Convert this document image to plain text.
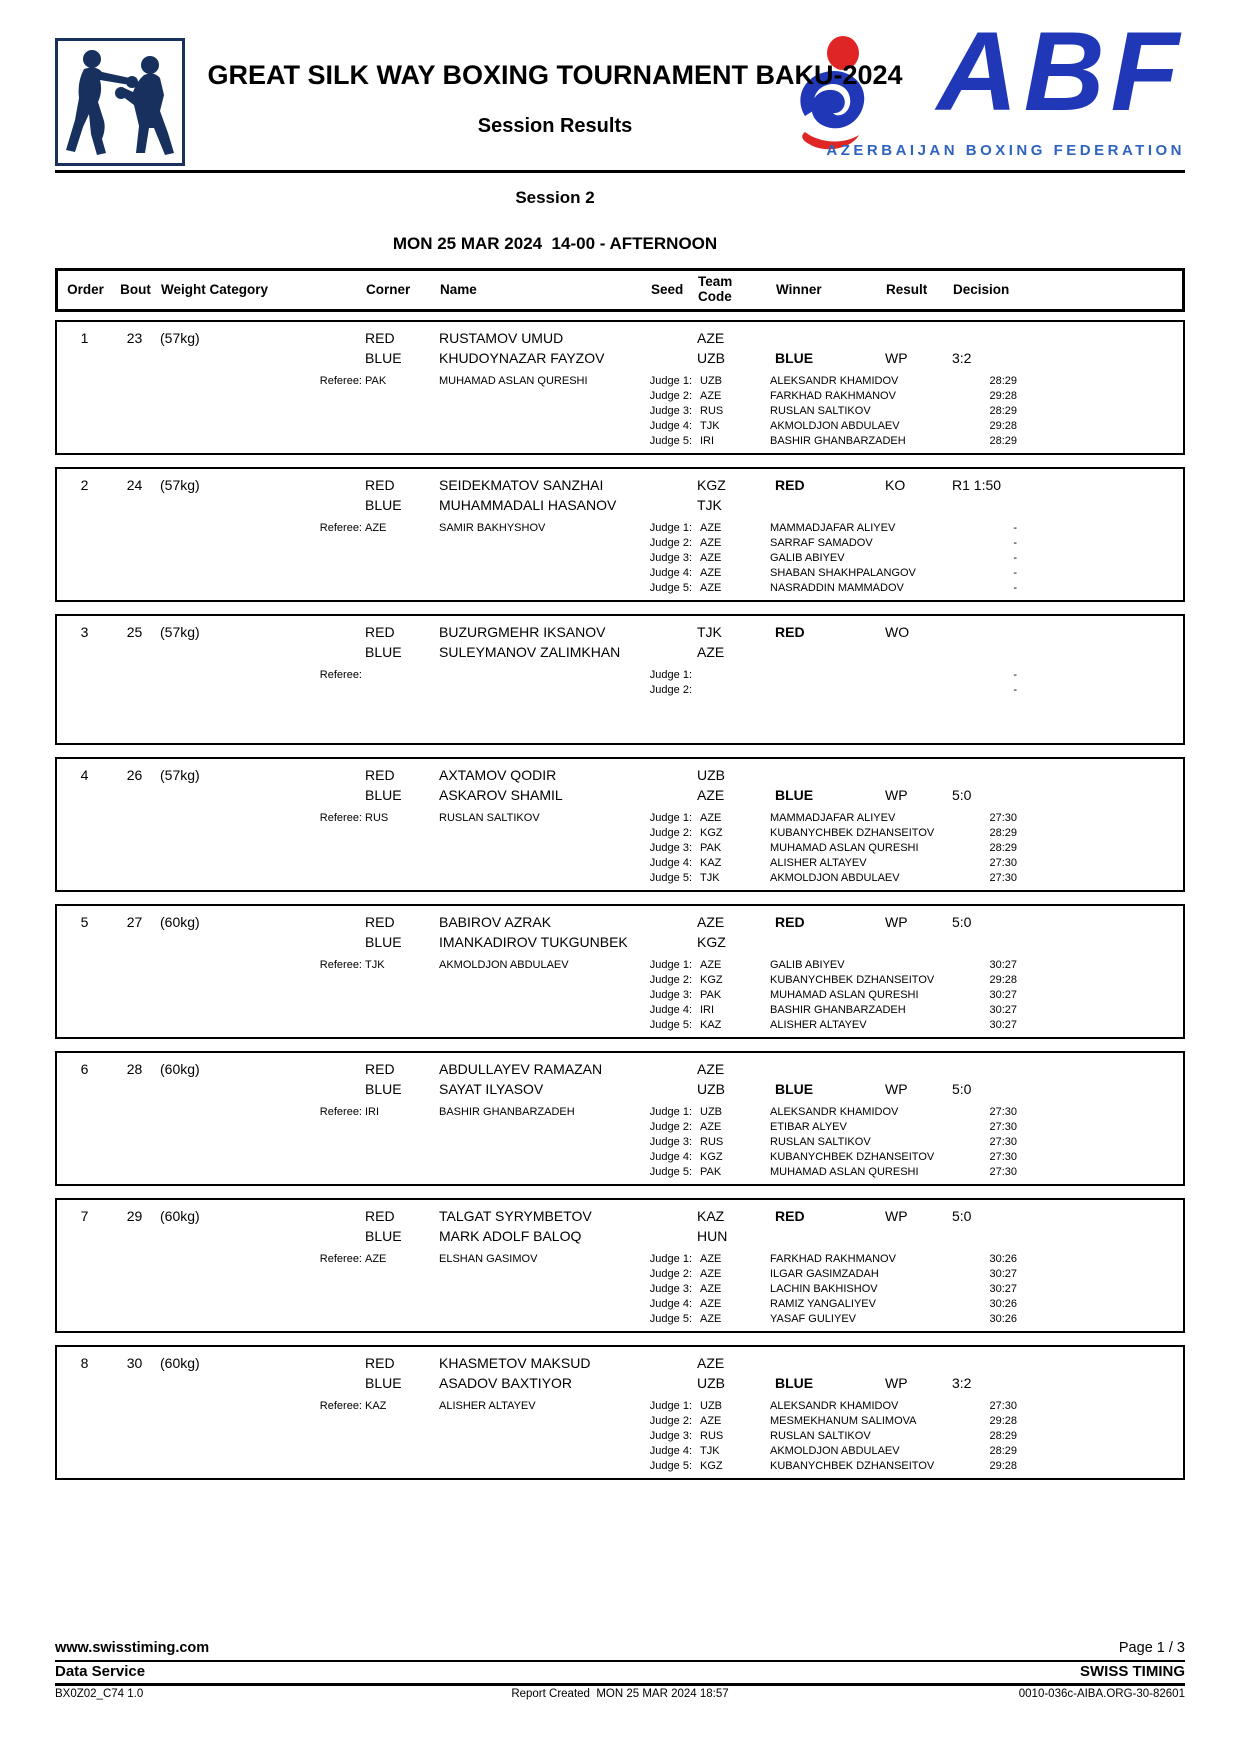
GREAT SILK WAY BOXING TOURNAMENT BAKU-2024
Session Results	ABF
AZERBAIJAN BOXING FEDERATION
Session 2
MON 25 MAR 2024  14-00 - AFTERNOON
Order	Bout Weight Category	Corner	Name	Seed	Team
Code	Winner	Result	Decision
1	23	(57kg)	RED	RUSTAMOV UMUD	AZE
BLUE	KHUDOYNAZAR FAYZOV	UZB	BLUE	WP	3:2
Referee: PAK	MUHAMAD ASLAN QURESHI	Judge 1: UZB	ALEKSANDR KHAMIDOV	28:29
Judge 2: AZE	FARKHAD RAKHMANOV	29:28
Judge 3: RUS	RUSLAN SALTIKOV	28:29
Judge 4: TJK	AKMOLDJON ABDULAEV	29:28
Judge 5: IRI	BASHIR GHANBARZADEH	28:29
2	24	(57kg)	RED	SEIDEKMATOV SANZHAI	KGZ	RED	KO	R1 1:50
BLUE	MUHAMMADALI HASANOV	TJK
Referee: AZE	SAMIR BAKHYSHOV	Judge 1: AZE	MAMMADJAFAR ALIYEV	-
Judge 2: AZE	SARRAF SAMADOV	-
Judge 3: AZE	GALIB ABIYEV	-
Judge 4: AZE	SHABAN SHAKHPALANGOV	-
Judge 5: AZE	NASRADDIN MAMMADOV	-
3	25	(57kg)	RED	BUZURGMEHR IKSANOV	TJK	RED	WO
BLUE	SULEYMANOV ZALIMKHAN	AZE
Referee:	Judge 1:	-
Judge 2:	-
4	26	(57kg)	RED	AXTAMOV QODIR	UZB
BLUE	ASKAROV SHAMIL	AZE	BLUE	WP	5:0
Referee: RUS	RUSLAN SALTIKOV	Judge 1: AZE	MAMMADJAFAR ALIYEV	27:30
Judge 2: KGZ	KUBANYCHBEK DZHANSEITOV	28:29
Judge 3: PAK	MUHAMAD ASLAN QURESHI	28:29
Judge 4: KAZ	ALISHER ALTAYEV	27:30
Judge 5: TJK	AKMOLDJON ABDULAEV	27:30
5	27	(60kg)	RED	BABIROV AZRAK	AZE	RED	WP	5:0
BLUE	IMANKADIROV TUKGUNBEK	KGZ
Referee: TJK	AKMOLDJON ABDULAEV	Judge 1: AZE	GALIB ABIYEV	30:27
Judge 2: KGZ	KUBANYCHBEK DZHANSEITOV	29:28
Judge 3: PAK	MUHAMAD ASLAN QURESHI	30:27
Judge 4: IRI	BASHIR GHANBARZADEH	30:27
Judge 5: KAZ	ALISHER ALTAYEV	30:27
6	28	(60kg)	RED	ABDULLAYEV RAMAZAN	AZE
BLUE	SAYAT ILYASOV	UZB	BLUE	WP	5:0
Referee: IRI	BASHIR GHANBARZADEH	Judge 1: UZB	ALEKSANDR KHAMIDOV	27:30
Judge 2: AZE	ETIBAR ALYEV	27:30
Judge 3: RUS	RUSLAN SALTIKOV	27:30
Judge 4: KGZ	KUBANYCHBEK DZHANSEITOV	27:30
Judge 5: PAK	MUHAMAD ASLAN QURESHI	27:30
7	29	(60kg)	RED	TALGAT SYRYMBETOV	KAZ	RED	WP	5:0
BLUE	MARK ADOLF BALOQ	HUN
Referee: AZE	ELSHAN GASIMOV	Judge 1: AZE	FARKHAD RAKHMANOV	30:26
Judge 2: AZE	ILGAR GASIMZADAH	30:27
Judge 3: AZE	LACHIN BAKHISHOV	30:27
Judge 4: AZE	RAMIZ YANGALIYEV	30:26
Judge 5: AZE	YASAF GULIYEV	30:26
8	30	(60kg)	RED	KHASMETOV MAKSUD	AZE
BLUE	ASADOV BAXTIYOR	UZB	BLUE	WP	3:2
Referee: KAZ	ALISHER ALTAYEV	Judge 1: UZB	ALEKSANDR KHAMIDOV	27:30
Judge 2: AZE	MESMEKHANUM SALIMOVA	29:28
Judge 3: RUS	RUSLAN SALTIKOV	28:29
Judge 4: TJK	AKMOLDJON ABDULAEV	28:29
Judge 5: KGZ	KUBANYCHBEK DZHANSEITOV	29:28
www.swisstiming.com	Page 1 / 3
Data Service	SWISS TIMING
BX0Z02_C74 1.0	Report Created  MON 25 MAR 2024 18:57	0010-036c-AIBA.ORG-30-82601
